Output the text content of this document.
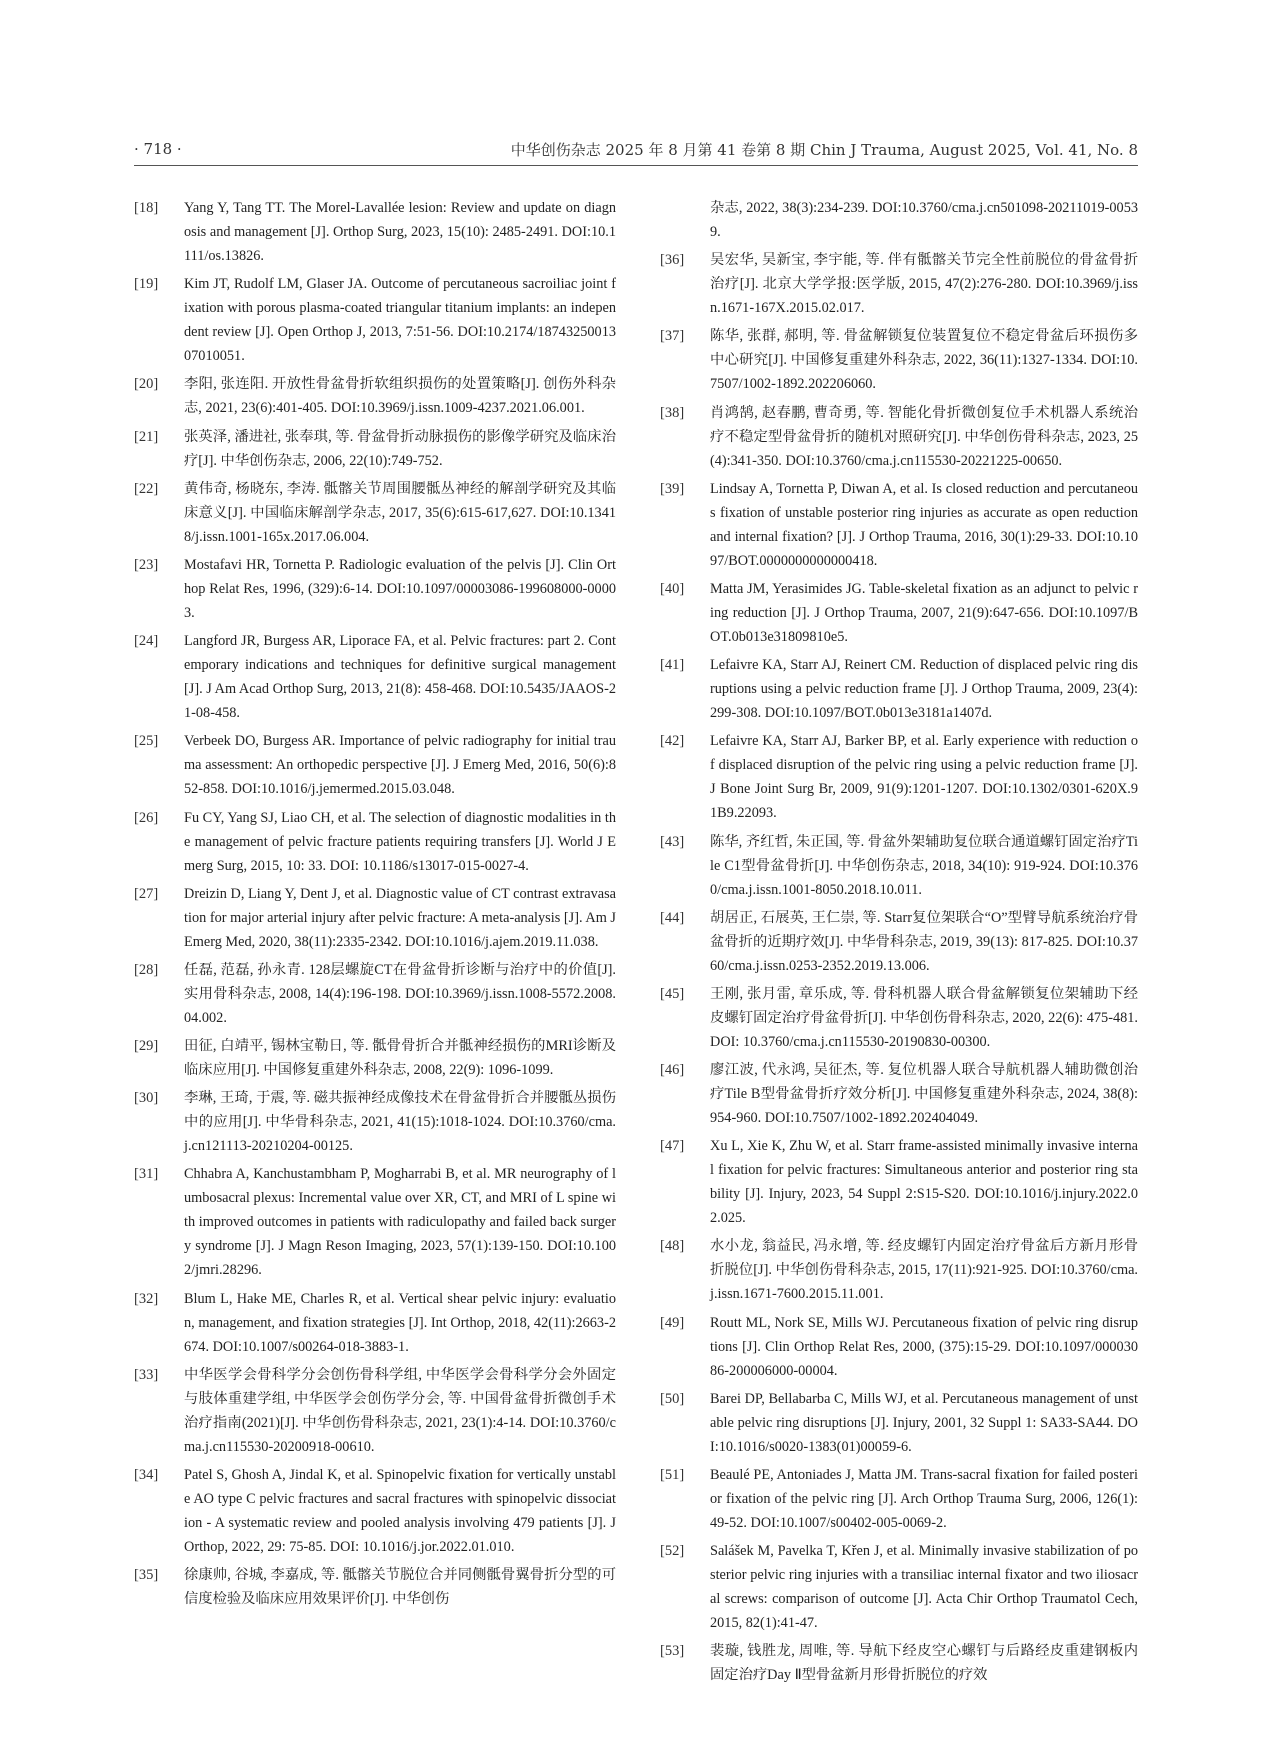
· 718 ·	中华创伤杂志 2025 年 8 月第 41 卷第 8 期 Chin J Trauma, August 2025, Vol. 41, No. 8
[18]	Yang Y, Tang TT. The Morel-Lavallée lesion: Review and update on diagnosis and management [J]. Orthop Surg, 2023, 15(10): 2485-2491. DOI:10.1111/os.13826.
[19]	Kim JT, Rudolf LM, Glaser JA. Outcome of percutaneous sacroiliac joint fixation with porous plasma-coated triangular titanium implants: an independent review [J]. Open Orthop J, 2013, 7:51-56. DOI:10.2174/1874325001307010051.
[20]	李阳, 张连阳. 开放性骨盆骨折软组织损伤的处置策略[J]. 创伤外科杂志, 2021, 23(6):401-405. DOI:10.3969/j.issn.1009-4237.2021.06.001.
[21]	张英泽, 潘进社, 张奉琪, 等. 骨盆骨折动脉损伤的影像学研究及临床治疗[J]. 中华创伤杂志, 2006, 22(10):749-752.
[22]	黄伟奇, 杨晓东, 李涛. 骶髂关节周围腰骶丛神经的解剖学研究及其临床意义[J]. 中国临床解剖学杂志, 2017, 35(6):615-617,627. DOI:10.13418/j.issn.1001-165x.2017.06.004.
[23]	Mostafavi HR, Tornetta P. Radiologic evaluation of the pelvis [J]. Clin Orthop Relat Res, 1996, (329):6-14. DOI:10.1097/00003086-199608000-00003.
[24]	Langford JR, Burgess AR, Liporace FA, et al. Pelvic fractures: part 2. Contemporary indications and techniques for definitive surgical management [J]. J Am Acad Orthop Surg, 2013, 21(8): 458-468. DOI:10.5435/JAAOS-21-08-458.
[25]	Verbeek DO, Burgess AR. Importance of pelvic radiography for initial trauma assessment: An orthopedic perspective [J]. J Emerg Med, 2016, 50(6):852-858. DOI:10.1016/j.jemermed.2015.03.048.
[26]	Fu CY, Yang SJ, Liao CH, et al. The selection of diagnostic modalities in the management of pelvic fracture patients requiring transfers [J]. World J Emerg Surg, 2015, 10: 33. DOI: 10.1186/s13017-015-0027-4.
[27]	Dreizin D, Liang Y, Dent J, et al. Diagnostic value of CT contrast extravasation for major arterial injury after pelvic fracture: A meta-analysis [J]. Am J Emerg Med, 2020, 38(11):2335-2342. DOI:10.1016/j.ajem.2019.11.038.
[28]	任磊, 范磊, 孙永青. 128层螺旋CT在骨盆骨折诊断与治疗中的价值[J]. 实用骨科杂志, 2008, 14(4):196-198. DOI:10.3969/j.issn.1008-5572.2008.04.002.
[29]	田征, 白靖平, 锡林宝勒日, 等. 骶骨骨折合并骶神经损伤的MRI诊断及临床应用[J]. 中国修复重建外科杂志, 2008, 22(9): 1096-1099.
[30]	李琳, 王琦, 于震, 等. 磁共振神经成像技术在骨盆骨折合并腰骶丛损伤中的应用[J]. 中华骨科杂志, 2021, 41(15):1018-1024. DOI:10.3760/cma.j.cn121113-20210204-00125.
[31]	Chhabra A, Kanchustambham P, Mogharrabi B, et al. MR neurography of lumbosacral plexus: Incremental value over XR, CT, and MRI of L spine with improved outcomes in patients with radiculopathy and failed back surgery syndrome [J]. J Magn Reson Imaging, 2023, 57(1):139-150. DOI:10.1002/jmri.28296.
[32]	Blum L, Hake ME, Charles R, et al. Vertical shear pelvic injury: evaluation, management, and fixation strategies [J]. Int Orthop, 2018, 42(11):2663-2674. DOI:10.1007/s00264-018-3883-1.
[33]	中华医学会骨科学分会创伤骨科学组, 中华医学会骨科学分会外固定与肢体重建学组, 中华医学会创伤学分会, 等. 中国骨盆骨折微创手术治疗指南(2021)[J]. 中华创伤骨科杂志, 2021, 23(1):4-14. DOI:10.3760/cma.j.cn115530-20200918-00610.
[34]	Patel S, Ghosh A, Jindal K, et al. Spinopelvic fixation for vertically unstable AO type C pelvic fractures and sacral fractures with spinopelvic dissociation - A systematic review and pooled analysis involving 479 patients [J]. J Orthop, 2022, 29: 75-85. DOI: 10.1016/j.jor.2022.01.010.
[35]	徐康帅, 谷城, 李嘉成, 等. 骶髂关节脱位合并同侧骶骨翼骨折分型的可信度检验及临床应用效果评价[J]. 中华创伤
杂志, 2022, 38(3):234-239. DOI:10.3760/cma.j.cn501098-20211019-00539.
[36]	吴宏华, 吴新宝, 李宇能, 等. 伴有骶髂关节完全性前脱位的骨盆骨折治疗[J]. 北京大学学报:医学版, 2015, 47(2):276-280. DOI:10.3969/j.issn.1671-167X.2015.02.017.
[37]	陈华, 张群, 郝明, 等. 骨盆解锁复位装置复位不稳定骨盆后环损伤多中心研究[J]. 中国修复重建外科杂志, 2022, 36(11):1327-1334. DOI:10.7507/1002-1892.202206060.
[38]	肖鸿鹄, 赵春鹏, 曹奇勇, 等. 智能化骨折微创复位手术机器人系统治疗不稳定型骨盆骨折的随机对照研究[J]. 中华创伤骨科杂志, 2023, 25(4):341-350. DOI:10.3760/cma.j.cn115530-20221225-00650.
[39]	Lindsay A, Tornetta P, Diwan A, et al. Is closed reduction and percutaneous fixation of unstable posterior ring injuries as accurate as open reduction and internal fixation? [J]. J Orthop Trauma, 2016, 30(1):29-33. DOI:10.1097/BOT.0000000000000418.
[40]	Matta JM, Yerasimides JG. Table-skeletal fixation as an adjunct to pelvic ring reduction [J]. J Orthop Trauma, 2007, 21(9):647-656. DOI:10.1097/BOT.0b013e31809810e5.
[41]	Lefaivre KA, Starr AJ, Reinert CM. Reduction of displaced pelvic ring disruptions using a pelvic reduction frame [J]. J Orthop Trauma, 2009, 23(4):299-308. DOI:10.1097/BOT.0b013e3181a1407d.
[42]	Lefaivre KA, Starr AJ, Barker BP, et al. Early experience with reduction of displaced disruption of the pelvic ring using a pelvic reduction frame [J]. J Bone Joint Surg Br, 2009, 91(9):1201-1207. DOI:10.1302/0301-620X.91B9.22093.
[43]	陈华, 齐红哲, 朱正国, 等. 骨盆外架辅助复位联合通道螺钉固定治疗Tile C1型骨盆骨折[J]. 中华创伤杂志, 2018, 34(10): 919-924. DOI:10.3760/cma.j.issn.1001-8050.2018.10.011.
[44]	胡居正, 石展英, 王仁崇, 等. Starr复位架联合“O”型臂导航系统治疗骨盆骨折的近期疗效[J]. 中华骨科杂志, 2019, 39(13): 817-825. DOI:10.3760/cma.j.issn.0253-2352.2019.13.006.
[45]	王刚, 张月雷, 章乐成, 等. 骨科机器人联合骨盆解锁复位架辅助下经皮螺钉固定治疗骨盆骨折[J]. 中华创伤骨科杂志, 2020, 22(6): 475-481. DOI: 10.3760/cma.j.cn115530-20190830-00300.
[46]	廖江波, 代永鸿, 吴征杰, 等. 复位机器人联合导航机器人辅助微创治疗Tile B型骨盆骨折疗效分析[J]. 中国修复重建外科杂志, 2024, 38(8):954-960. DOI:10.7507/1002-1892.202404049.
[47]	Xu L, Xie K, Zhu W, et al. Starr frame-assisted minimally invasive internal fixation for pelvic fractures: Simultaneous anterior and posterior ring stability [J]. Injury, 2023, 54 Suppl 2:S15-S20. DOI:10.1016/j.injury.2022.02.025.
[48]	水小龙, 翁益民, 冯永增, 等. 经皮螺钉内固定治疗骨盆后方新月形骨折脱位[J]. 中华创伤骨科杂志, 2015, 17(11):921-925. DOI:10.3760/cma.j.issn.1671-7600.2015.11.001.
[49]	Routt ML, Nork SE, Mills WJ. Percutaneous fixation of pelvic ring disruptions [J]. Clin Orthop Relat Res, 2000, (375):15-29. DOI:10.1097/00003086-200006000-00004.
[50]	Barei DP, Bellabarba C, Mills WJ, et al. Percutaneous management of unstable pelvic ring disruptions [J]. Injury, 2001, 32 Suppl 1: SA33-SA44. DOI:10.1016/s0020-1383(01)00059-6.
[51]	Beaulé PE, Antoniades J, Matta JM. Trans-sacral fixation for failed posterior fixation of the pelvic ring [J]. Arch Orthop Trauma Surg, 2006, 126(1):49-52. DOI:10.1007/s00402-005-0069-2.
[52]	Salášek M, Pavelka T, Křen J, et al. Minimally invasive stabilization of posterior pelvic ring injuries with a transiliac internal fixator and two iliosacral screws: comparison of outcome [J]. Acta Chir Orthop Traumatol Cech, 2015, 82(1):41-47.
[53]	裴璇, 钱胜龙, 周唯, 等. 导航下经皮空心螺钉与后路经皮重建钢板内固定治疗Day Ⅱ型骨盆新月形骨折脱位的疗效
